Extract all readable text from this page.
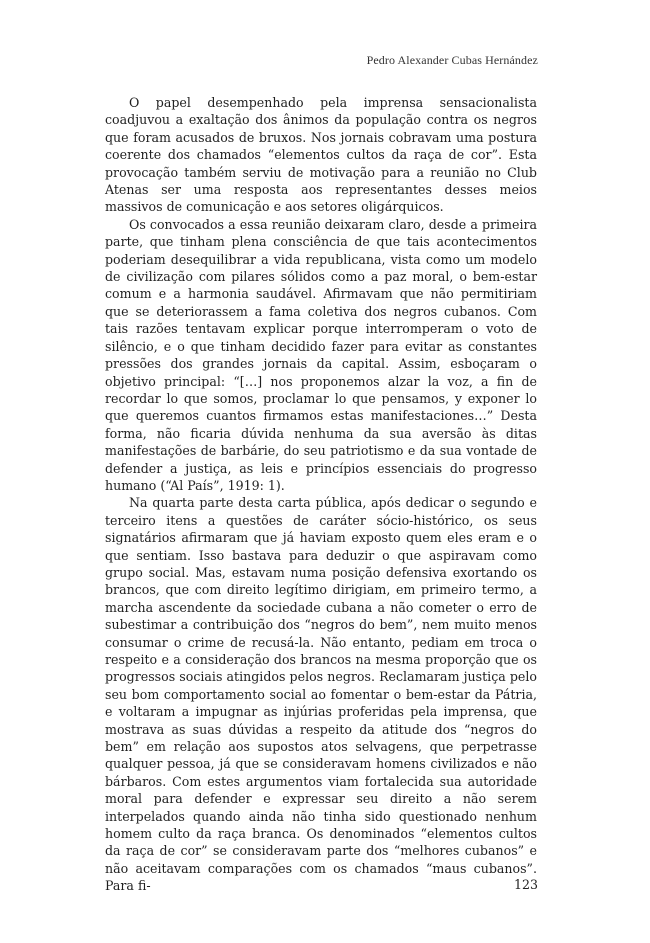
Pedro Alexander Cubas Hernández

O papel desempenhado pela imprensa sensacionalista coadjuvou a exaltação dos ânimos da população contra os negros que foram acusados de bruxos. Nos jornais cobravam uma postura coerente dos chamados “elementos cultos da raça de cor”. Esta provocação também serviu de motivação para a reunião no Club Atenas ser uma resposta aos representantes desses meios massivos de comunicação e aos setores oligárquicos.

Os convocados a essa reunião deixaram claro, desde a primeira parte, que tinham plena consciência de que tais acontecimentos poderiam desequilibrar a vida republicana, vista como um modelo de civilização com pilares sólidos como a paz moral, o bem-estar comum e a harmonia saudável. Afirmavam que não permitiriam que se deteriorassem a fama coletiva dos negros cubanos. Com tais razões tentavam explicar porque interromperam o voto de silêncio, e o que tinham decidido fazer para evitar as constantes pressões dos grandes jornais da capital. Assim, esboçaram o objetivo principal: “[…] nos proponemos alzar la voz, a fin de recordar lo que somos, proclamar lo que pensamos, y exponer lo que queremos cuantos firmamos estas manifestaciones…” Desta forma, não ficaria dúvida nenhuma da sua aversão às ditas manifestações de barbárie, do seu patriotismo e da sua vontade de defender a justiça, as leis e princípios essenciais do progresso humano (“Al País”, 1919: 1).

Na quarta parte desta carta pública, após dedicar o segundo e terceiro itens a questões de caráter sócio-histórico, os seus signatários afirmaram que já haviam exposto quem eles eram e o que sentiam. Isso bastava para deduzir o que aspiravam como grupo social. Mas, estavam numa posição defensiva exortando os brancos, que com direito legítimo dirigiam, em primeiro termo, a marcha ascendente da sociedade cubana a não cometer o erro de subestimar a contribuição dos “negros do bem”, nem muito menos consumar o crime de recusá-la. Não entanto, pediam em troca o respeito e a consideração dos brancos na mesma proporção que os progressos sociais atingidos pelos negros. Reclamaram justiça pelo seu bom comportamento social ao fomentar o bem-estar da Pátria, e voltaram a impugnar as injúrias proferidas pela imprensa, que mostrava as suas dúvidas a respeito da atitude dos “negros do bem” em relação aos supostos atos selvagens, que perpetrasse qualquer pessoa, já que se consideravam homens civilizados e não bárbaros. Com estes argumentos viam fortalecida sua autoridade moral para defender e expressar seu direito a não serem interpelados quando ainda não tinha sido questionado nenhum homem culto da raça branca. Os denominados “elementos cultos da raça de cor” se consideravam parte dos “melhores cubanos” e não aceitavam comparações com os chamados “maus cubanos”. Para fi-	123
